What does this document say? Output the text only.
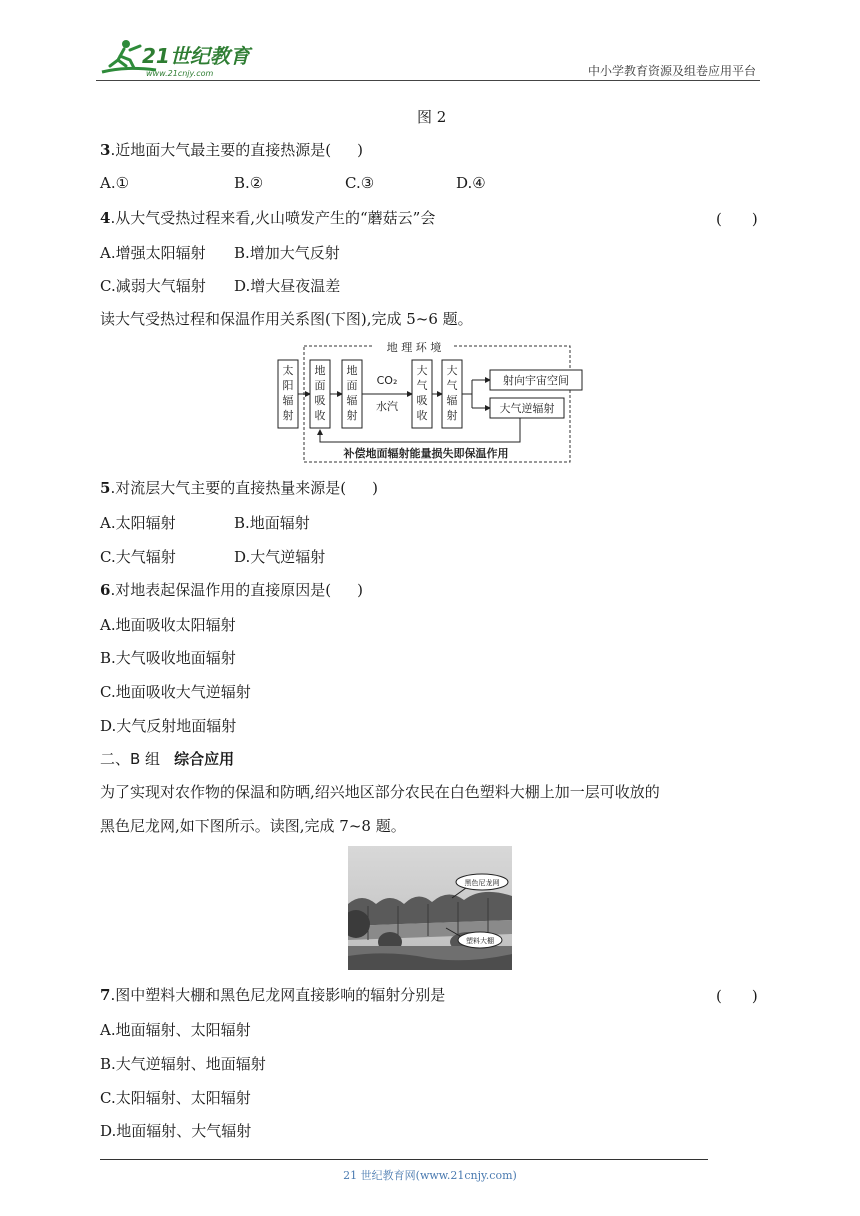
21世纪教育
www.21cnjy.com	中小学教育资源及组卷应用平台
图 2
3.近地面大气最主要的直接热源是( )
A.①	B.②	C.③	D.④
4.从大气受热过程来看,火山喷发产生的“蘑菇云”会	(　　)
A.增强太阳辐射 B.增加大气反射
C.减弱大气辐射 D.增大昼夜温差
读大气受热过程和保温作用关系图(下图),完成 5~6 题。
地 理 环 境
太
阳
辐
射
地
面
吸
收
地
面
辐
射
CO₂
水汽
大
气
吸
收
大
气
辐
射
射向宇宙空间
大气逆辐射
补偿地面辐射能量损失即保温作用
5.对流层大气主要的直接热量来源是( )
A.太阳辐射	B.地面辐射
C.大气辐射	D.大气逆辐射
6.对地表起保温作用的直接原因是( )
A.地面吸收太阳辐射
B.大气吸收地面辐射
C.地面吸收大气逆辐射
D.大气反射地面辐射
二、B 组 综合应用
为了实现对农作物的保温和防晒,绍兴地区部分农民在白色塑料大棚上加一层可收放的
黑色尼龙网,如下图所示。读图,完成 7~8 题。
黑色尼龙网
塑料大棚
7.图中塑料大棚和黑色尼龙网直接影响的辐射分别是	(　　)
A.地面辐射、太阳辐射
B.大气逆辐射、地面辐射
C.太阳辐射、太阳辐射
D.地面辐射、大气辐射
21 世纪教育网(www.21cnjy.com)
